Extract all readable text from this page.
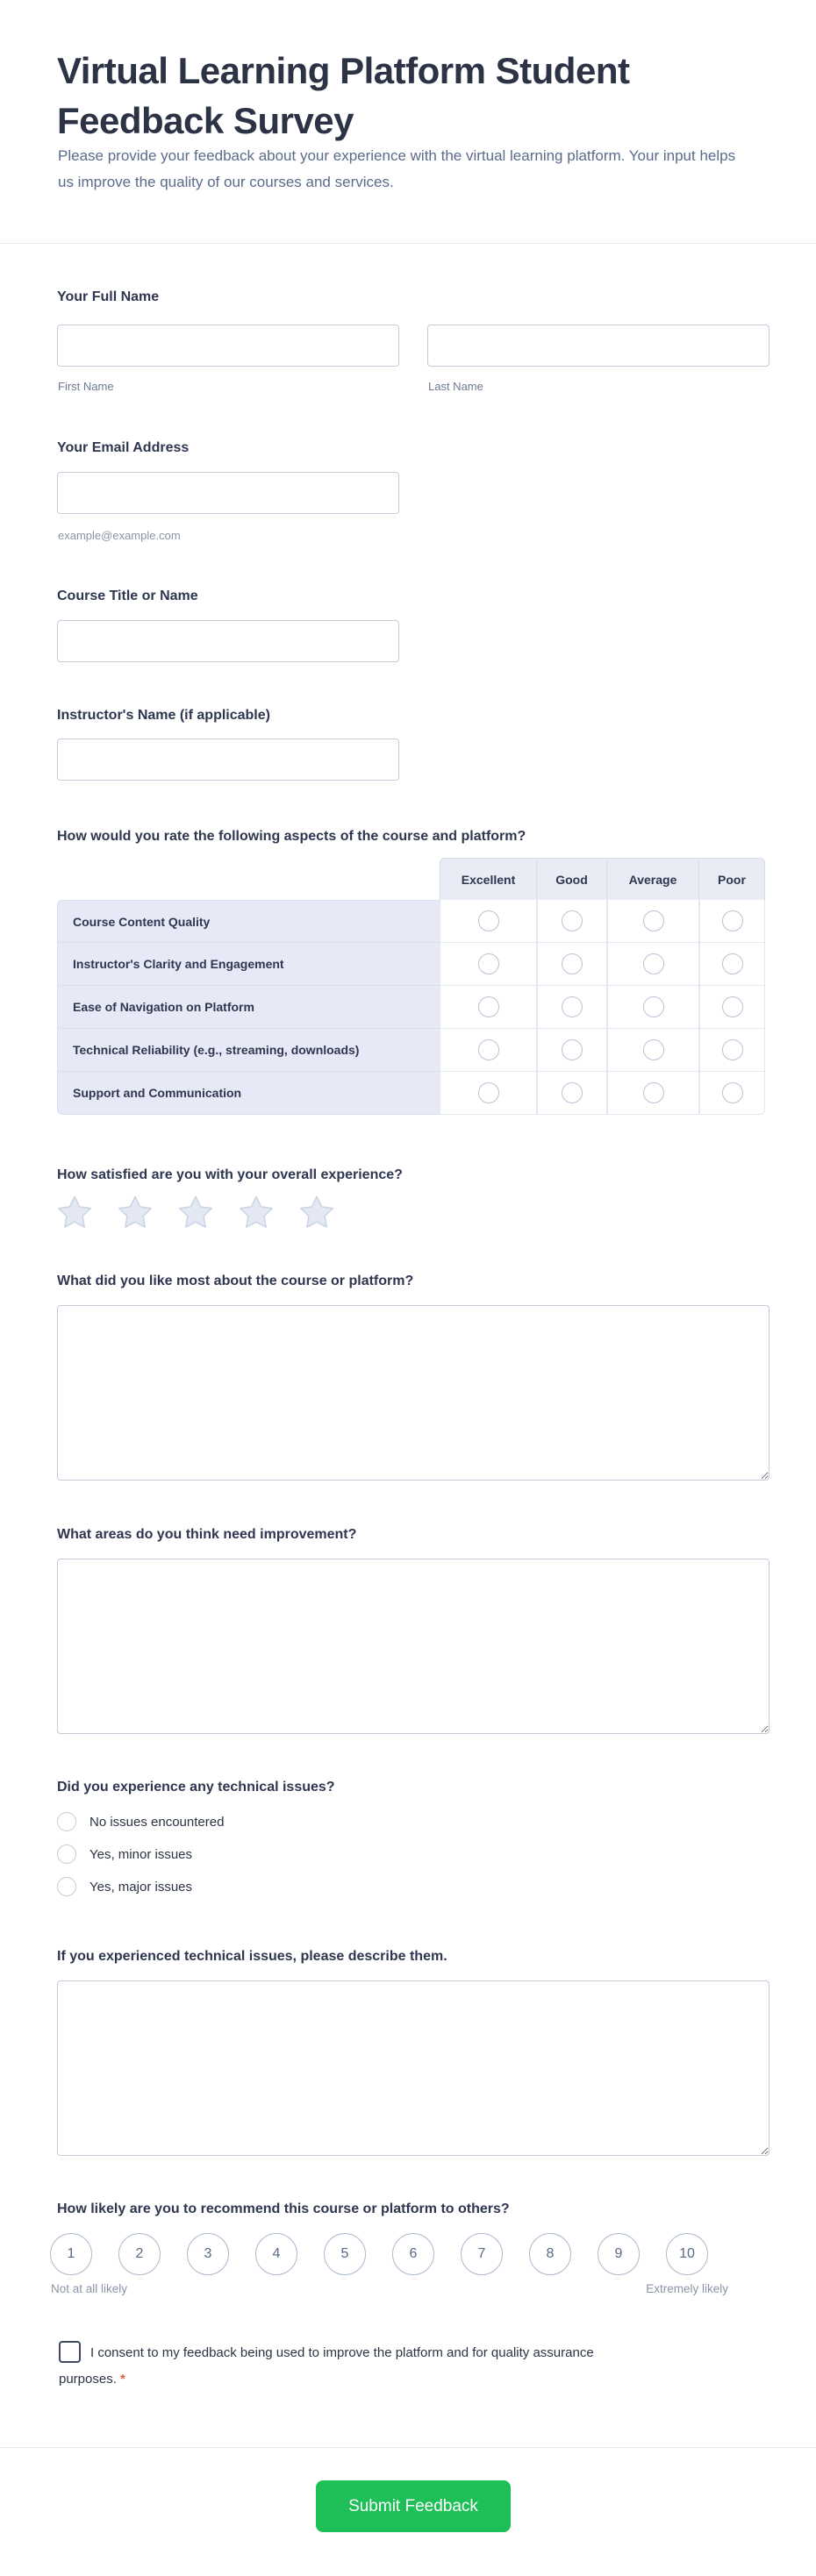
Virtual Learning Platform Student Feedback Survey
Please provide your feedback about your experience with the virtual learning platform. Your input helps us improve the quality of our courses and services.
Your Full Name
First Name	Last Name
Your Email Address
example@example.com
Course Title or Name
Instructor's Name (if applicable)
How would you rate the following aspects of the course and platform?
Excellent	Good	Average	Poor
Course Content Quality
Instructor's Clarity and Engagement
Ease of Navigation on Platform
Technical Reliability (e.g., streaming, downloads)
Support and Communication
How satisfied are you with your overall experience?
What did you like most about the course or platform?
What areas do you think need improvement?
Did you experience any technical issues?
No issues encountered
Yes, minor issues
Yes, major issues
If you experienced technical issues, please describe them.
How likely are you to recommend this course or platform to others?
1	2	3	4	5	6	7	8	9	10
Not at all likely	Extremely likely
I consent to my feedback being used to improve the platform and for quality assurance purposes. *
Submit Feedback
